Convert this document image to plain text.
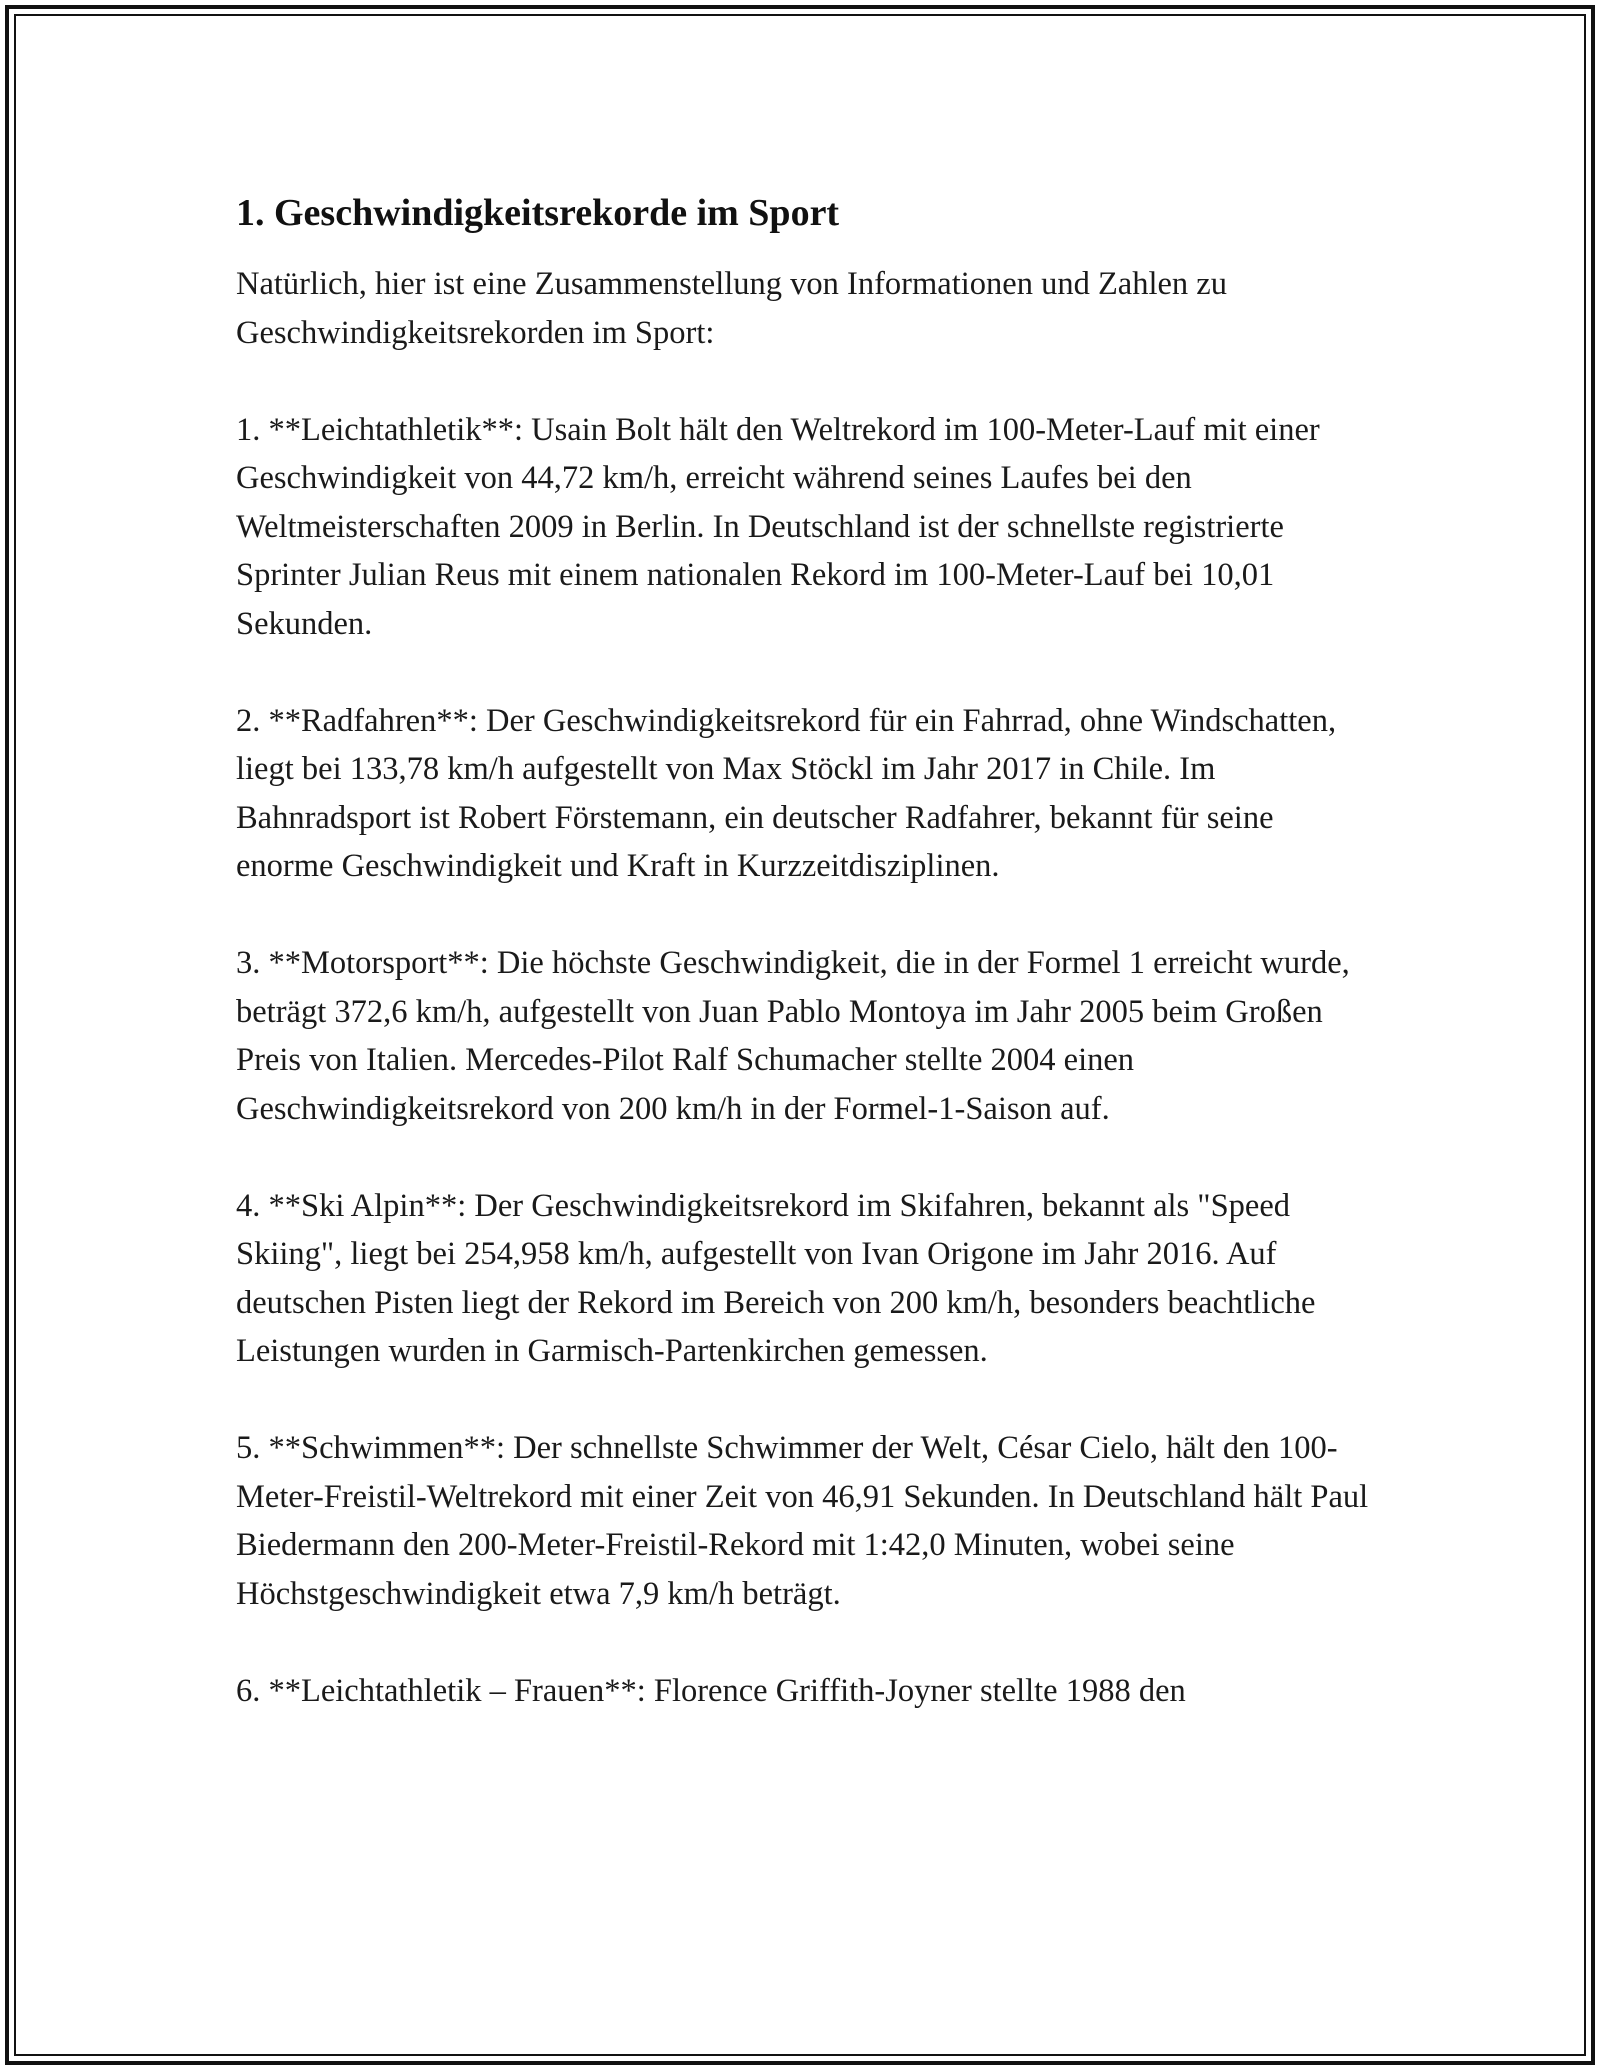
1. Geschwindigkeitsrekorde im Sport

Natürlich, hier ist eine Zusammenstellung von Informationen und Zahlen zu Geschwindigkeitsrekorden im Sport:

1. **Leichtathletik**: Usain Bolt hält den Weltrekord im 100-Meter-Lauf mit einer Geschwindigkeit von 44,72 km/h, erreicht während seines Laufes bei den Weltmeisterschaften 2009 in Berlin. In Deutschland ist der schnellste registrierte Sprinter Julian Reus mit einem nationalen Rekord im 100-Meter-Lauf bei 10,01 Sekunden.

2. **Radfahren**: Der Geschwindigkeitsrekord für ein Fahrrad, ohne Windschatten, liegt bei 133,78 km/h aufgestellt von Max Stöckl im Jahr 2017 in Chile. Im Bahnradsport ist Robert Förstemann, ein deutscher Radfahrer, bekannt für seine enorme Geschwindigkeit und Kraft in Kurzzeitdisziplinen.

3. **Motorsport**: Die höchste Geschwindigkeit, die in der Formel 1 erreicht wurde, beträgt 372,6 km/h, aufgestellt von Juan Pablo Montoya im Jahr 2005 beim Großen Preis von Italien. Mercedes-Pilot Ralf Schumacher stellte 2004 einen Geschwindigkeitsrekord von 200 km/h in der Formel-1-Saison auf.

4. **Ski Alpin**: Der Geschwindigkeitsrekord im Skifahren, bekannt als "Speed Skiing", liegt bei 254,958 km/h, aufgestellt von Ivan Origone im Jahr 2016. Auf deutschen Pisten liegt der Rekord im Bereich von 200 km/h, besonders beachtliche Leistungen wurden in Garmisch-Partenkirchen gemessen.

5. **Schwimmen**: Der schnellste Schwimmer der Welt, César Cielo, hält den 100-Meter-Freistil-Weltrekord mit einer Zeit von 46,91 Sekunden. In Deutschland hält Paul Biedermann den 200-Meter-Freistil-Rekord mit 1:42,0 Minuten, wobei seine Höchstgeschwindigkeit etwa 7,9 km/h beträgt.

6. **Leichtathletik – Frauen**: Florence Griffith-Joyner stellte 1988 den
